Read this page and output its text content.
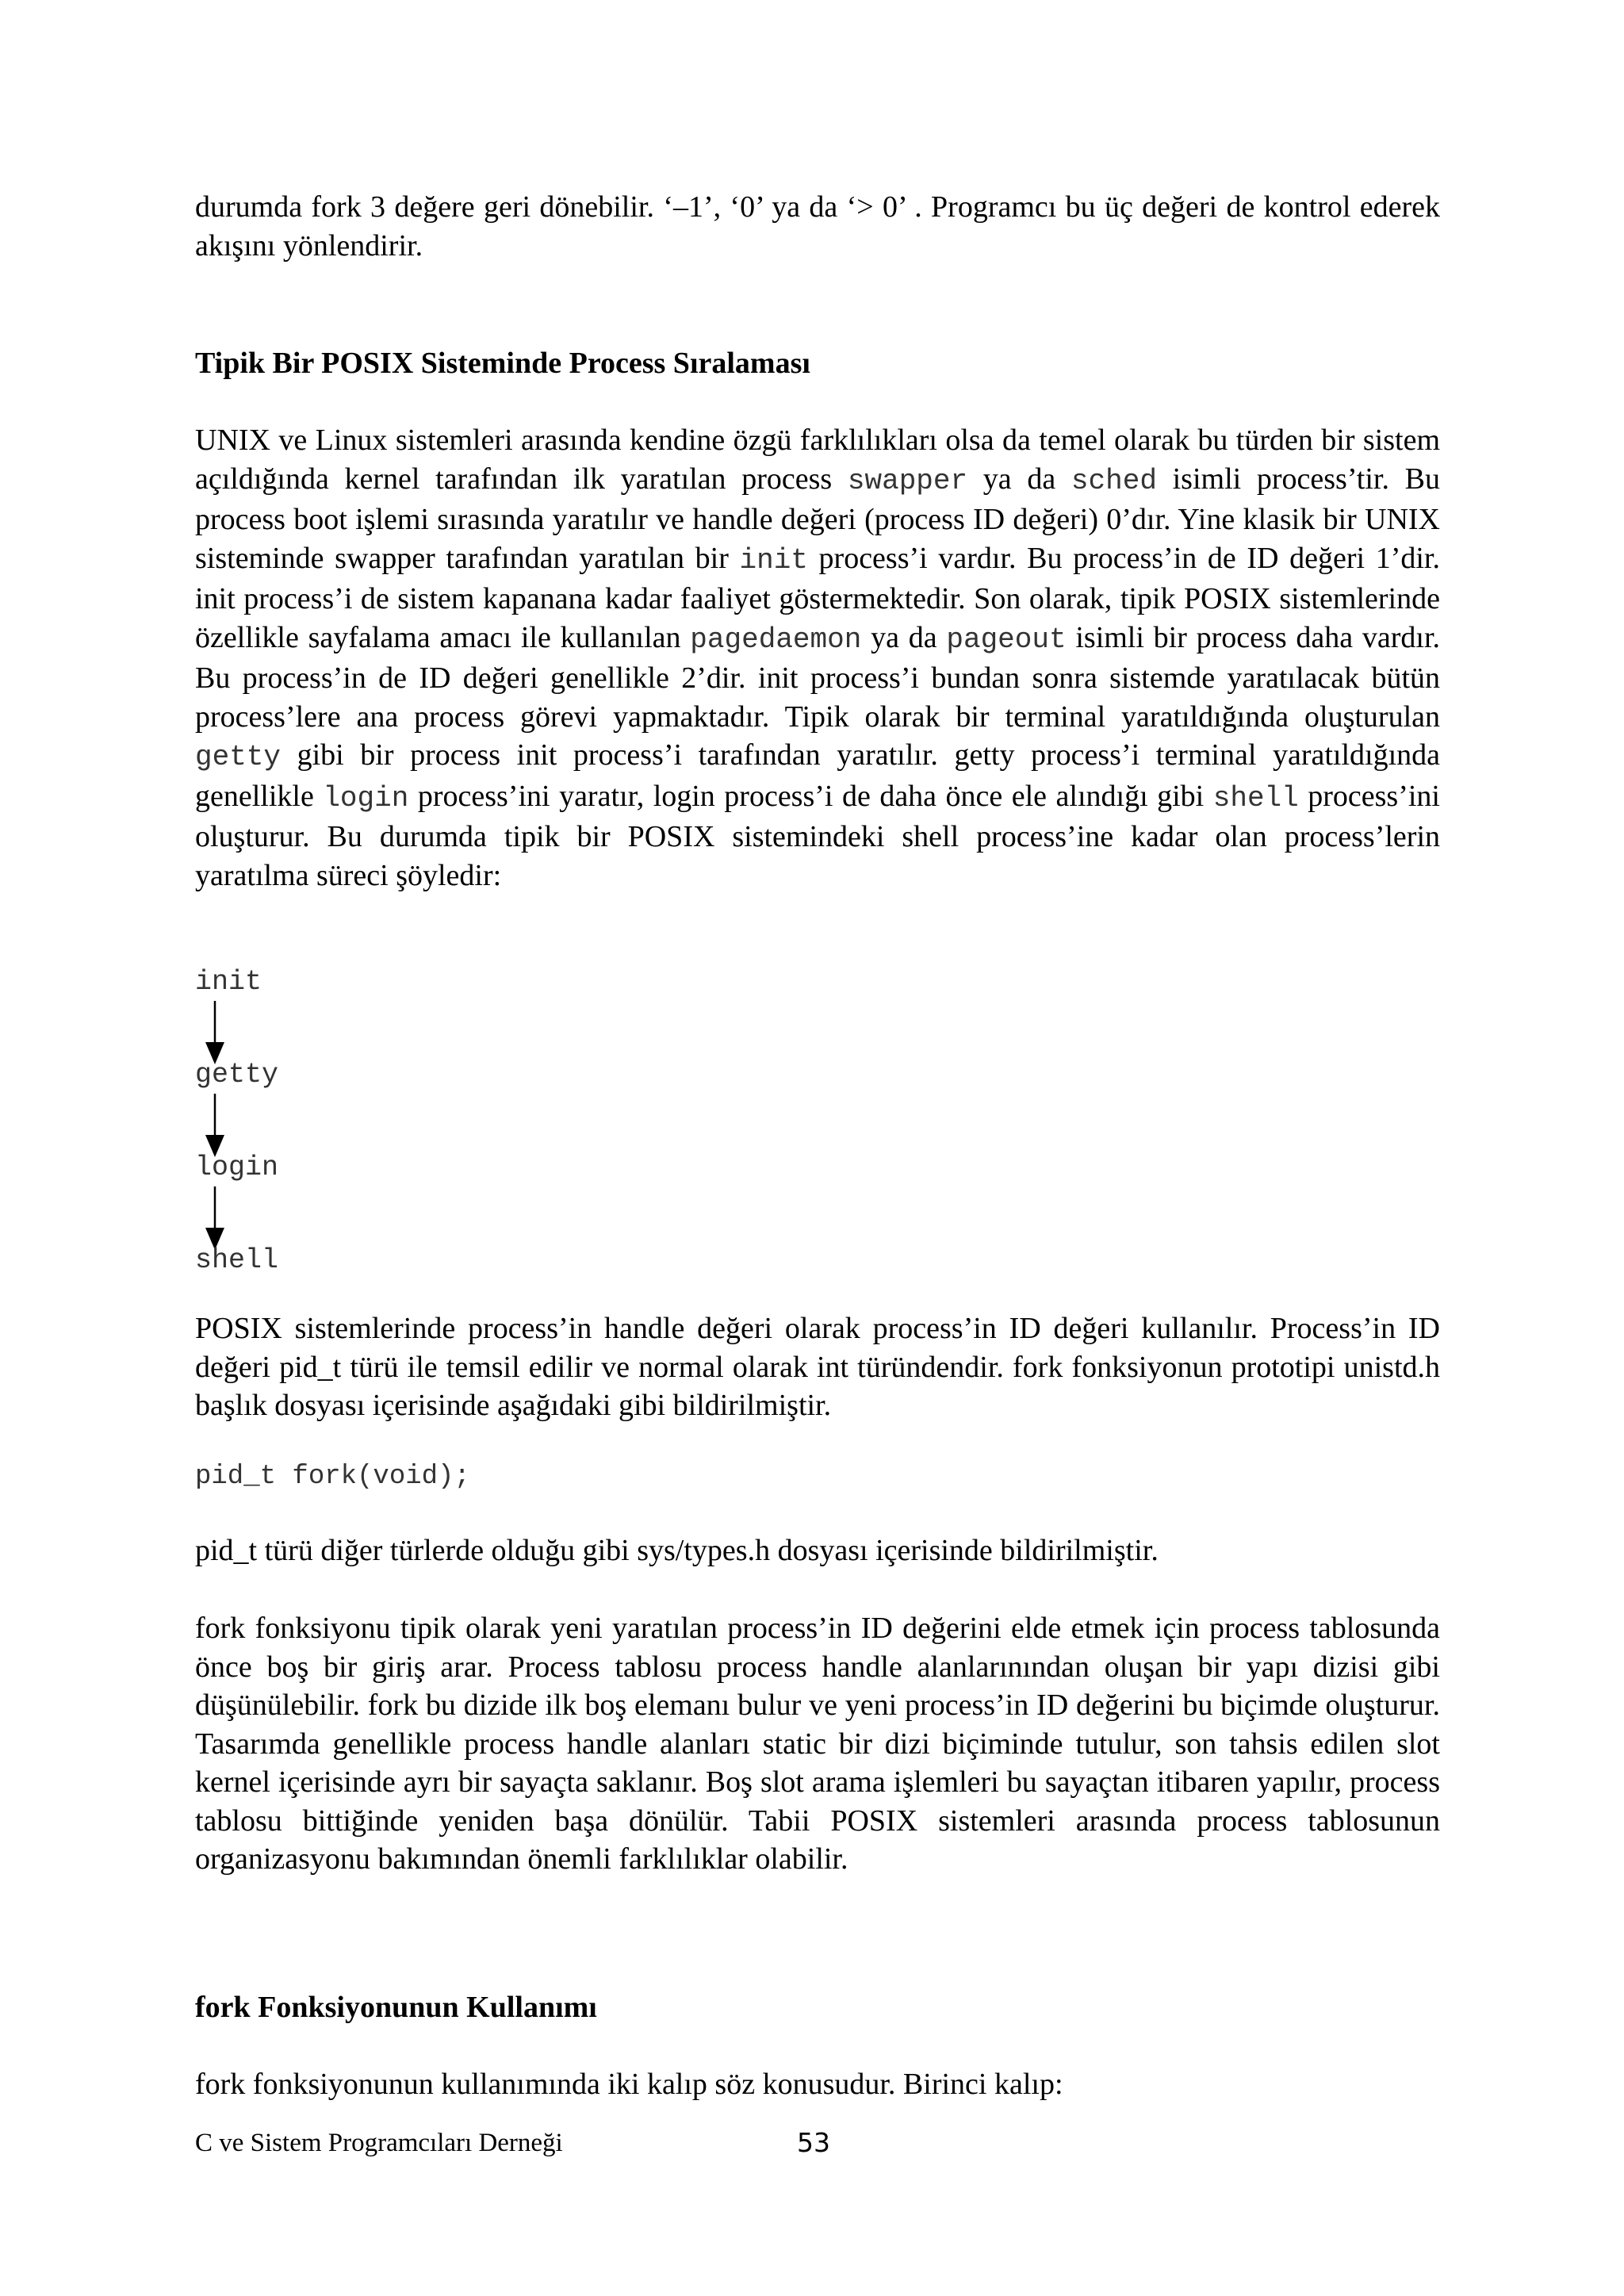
durumda fork 3 değere geri dönebilir. ‘–1’, ‘0’ ya da ‘> 0’ . Programcı bu üç değeri de kontrol ederek akışını yönlendirir.

Tipik Bir POSIX Sisteminde Process Sıralaması

UNIX ve Linux sistemleri arasında kendine özgü farklılıkları olsa da temel olarak bu türden bir sistem açıldığında kernel tarafından ilk yaratılan process swapper ya da sched isimli process’tir. Bu process boot işlemi sırasında yaratılır ve handle değeri (process ID değeri) 0’dır. Yine klasik bir UNIX sisteminde swapper tarafından yaratılan bir init process’i vardır. Bu process’in de ID değeri 1’dir. init process’i de sistem kapanana kadar faaliyet göstermektedir. Son olarak, tipik POSIX sistemlerinde özellikle sayfalama amacı ile kullanılan pagedaemon ya da pageout isimli bir process daha vardır. Bu process’in de ID değeri genellikle 2’dir. init process’i bundan sonra sistemde yaratılacak bütün process’lere ana process görevi yapmaktadır. Tipik olarak bir terminal yaratıldığında oluşturulan getty gibi bir process init process’i tarafından yaratılır. getty process’i terminal yaratıldığında genellikle login process’ini yaratır, login process’i de daha önce ele alındığı gibi shell process’ini oluşturur. Bu durumda tipik bir POSIX sistemindeki shell process’ine kadar olan process’lerin yaratılma süreci şöyledir:

init
getty
login
shell

POSIX sistemlerinde process’in handle değeri olarak process’in ID değeri kullanılır. Process’in ID değeri pid_t türü ile temsil edilir ve normal olarak int türündendir. fork fonksiyonun prototipi unistd.h başlık dosyası içerisinde aşağıdaki gibi bildirilmiştir.

pid_t fork(void);

pid_t türü diğer türlerde olduğu gibi sys/types.h dosyası içerisinde bildirilmiştir.

fork fonksiyonu tipik olarak yeni yaratılan process’in ID değerini elde etmek için process tablosunda önce boş bir giriş arar. Process tablosu process handle alanlarınından oluşan bir yapı dizisi gibi düşünülebilir. fork bu dizide ilk boş elemanı bulur ve yeni process’in ID değerini bu biçimde oluşturur. Tasarımda genellikle process handle alanları static bir dizi biçiminde tutulur, son tahsis edilen slot kernel içerisinde ayrı bir sayaçta saklanır. Boş slot arama işlemleri bu sayaçtan itibaren yapılır, process tablosu bittiğinde yeniden başa dönülür. Tabii POSIX sistemleri arasında process tablosunun organizasyonu bakımından önemli farklılıklar olabilir.

fork Fonksiyonunun Kullanımı

fork fonksiyonunun kullanımında iki kalıp söz konusudur. Birinci kalıp:

C ve Sistem Programcıları Derneği	53
